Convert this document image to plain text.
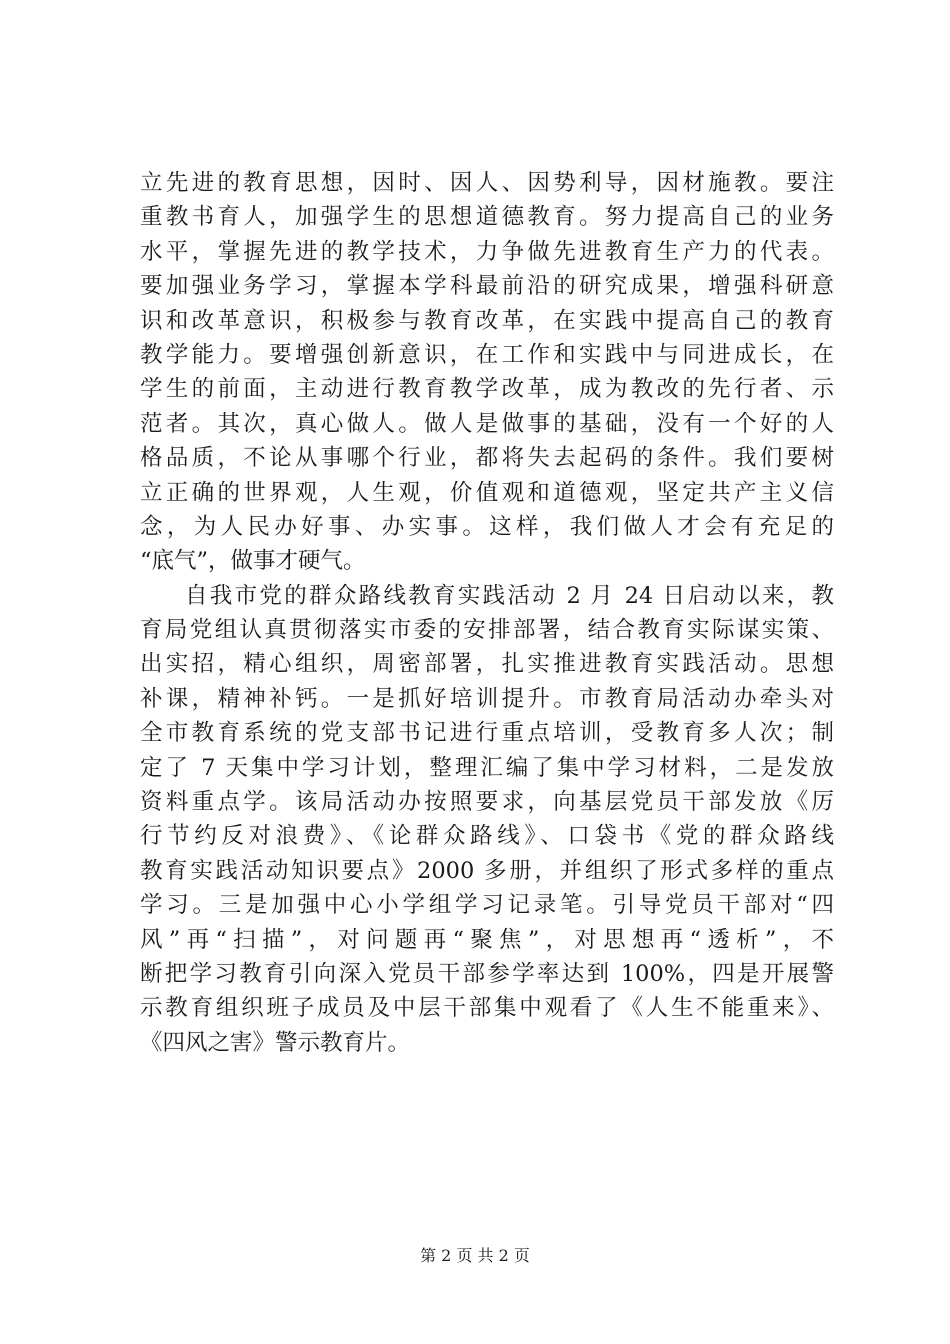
立先进的教育思想，因时、因人、因势利导，因材施教。要注
重教书育人，加强学生的思想道德教育。努力提高自己的业务
水平，掌握先进的教学技术，力争做先进教育生产力的代表。
要加强业务学习，掌握本学科最前沿的研究成果，增强科研意
识和改革意识，积极参与教育改革，在实践中提高自己的教育
教学能力。要增强创新意识，在工作和实践中与同进成长，在
学生的前面，主动进行教育教学改革，成为教改的先行者、示
范者。其次，真心做人。做人是做事的基础，没有一个好的人
格品质，不论从事哪个行业，都将失去起码的条件。我们要树
立正确的世界观，人生观，价值观和道德观，坚定共产主义信
念，为人民办好事、办实事。这样，我们做人才会有充足的
“底气”，做事才硬气。
自我市党的群众路线教育实践活动 2 月 24 日启动以来，教
育局党组认真贯彻落实市委的安排部署，结合教育实际谋实策、
出实招，精心组织，周密部署，扎实推进教育实践活动。思想
补课，精神补钙。一是抓好培训提升。市教育局活动办牵头对
全市教育系统的党支部书记进行重点培训，受教育多人次；制
定了 7 天集中学习计划，整理汇编了集中学习材料，二是发放
资料重点学。该局活动办按照要求，向基层党员干部发放《厉
行节约反对浪费》、《论群众路线》、口袋书《党的群众路线
教育实践活动知识要点》2000 多册，并组织了形式多样的重点
学习。三是加强中心小学组学习记录笔。引导党员干部对“四
风”再“扫描”，对问题再“聚焦”，对思想再“透析”，不
断把学习教育引向深入党员干部参学率达到 100%，四是开展警
示教育组织班子成员及中层干部集中观看了《人生不能重来》、
《四风之害》警示教育片。
第 2 页 共 2 页
